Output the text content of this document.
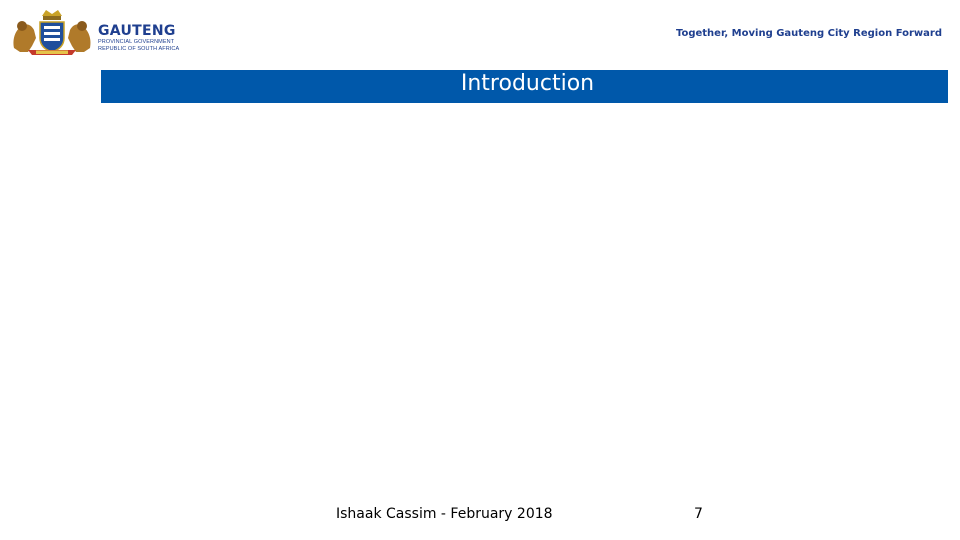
GAUTENG
PROVINCIAL GOVERNMENT
REPUBLIC OF SOUTH AFRICA
Together, Moving Gauteng City Region Forward
Introduction
Ishaak Cassim - February 2018	7
